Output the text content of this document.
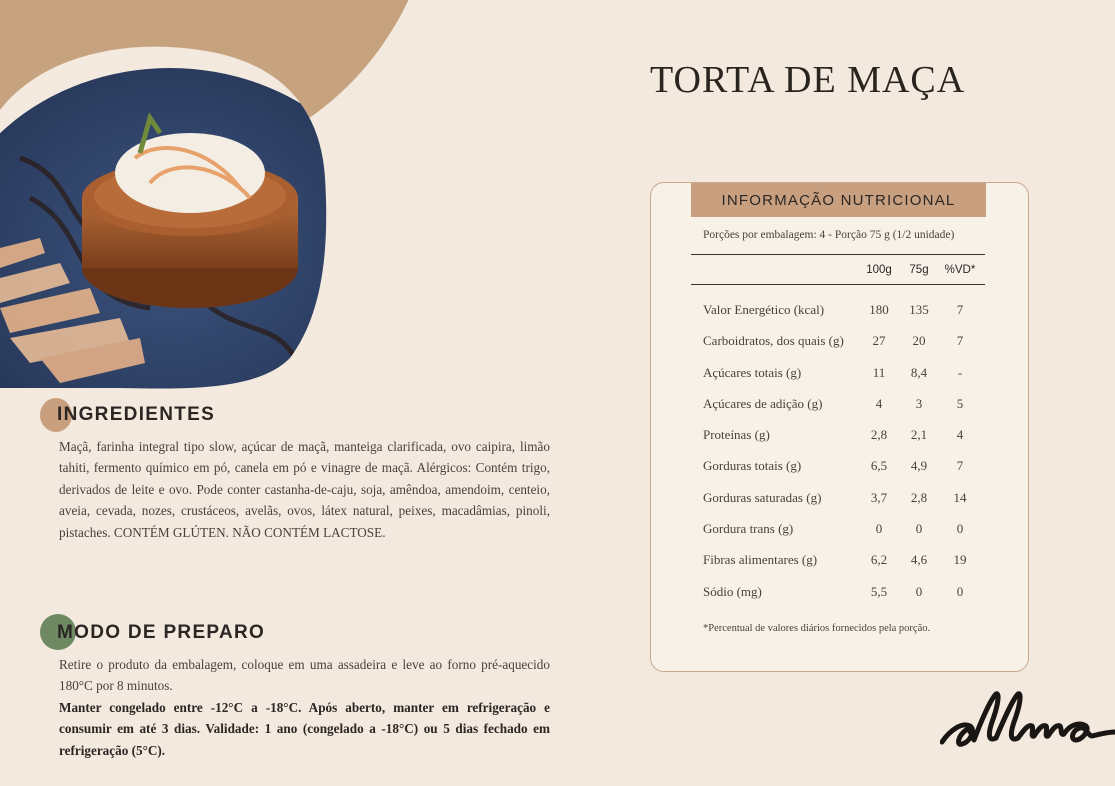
INGREDIENTES

Maçã, farinha integral tipo slow, açúcar de maçã, manteiga clarificada, ovo caipira, limão tahiti, fermento químico em pó, canela em pó e vinagre de maçã. Alérgicos: Contém trigo, derivados de leite e ovo. Pode conter castanha-de-caju, soja, amêndoa, amendoim, centeio, aveia, cevada, nozes, crustáceos, avelãs, ovos, látex natural, peixes, macadâmias, pinoli, pistaches. CONTÉM GLÚTEN. NÃO CONTÉM LACTOSE.

MODO DE PREPARO
Retire o produto da embalagem, coloque em uma assadeira e leve ao forno pré-aquecido 180°C por 8 minutos.
Manter congelado entre -12°C a -18°C. Após aberto, manter em refrigeração e consumir em até 3 dias. Validade: 1 ano (congelado a -18°C) ou 5 dias fechado em refrigeração (5°C).
TORTA DE MAÇA
INFORMAÇÃO NUTRICIONAL
Porções por embalagem: 4 - Porção 75 g (1/2 unidade)
100g	75g	%VD*
Valor Energético (kcal)	180	135	7
Carboidratos, dos quais (g)	27	20	7
Açúcares totais (g)	11	8,4	-
Açúcares de adição (g)	4	3	5
Proteínas (g)	2,8	2,1	4
Gorduras totais (g)	6,5	4,9	7
Gorduras saturadas (g)	3,7	2,8	14
Gordura trans (g)	0	0	0
Fibras alimentares (g)	6,2	4,6	19
Sódio (mg)	5,5	0	0
*Percentual de valores diários fornecidos pela porção.
